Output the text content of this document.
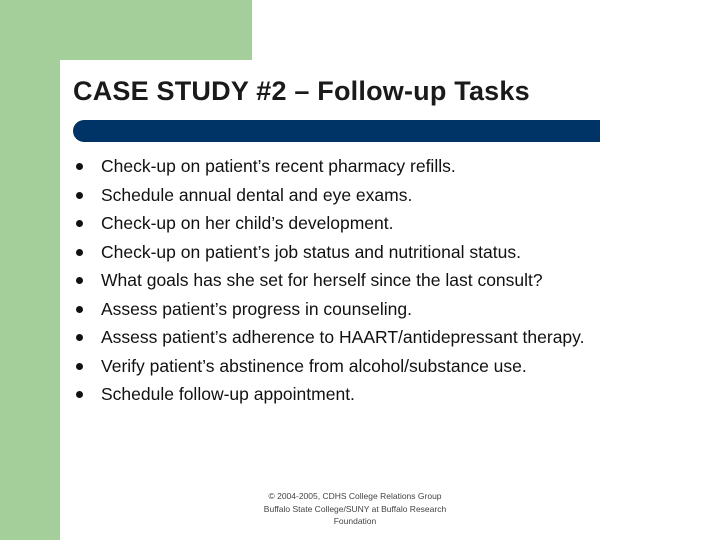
CASE STUDY #2 – Follow-up Tasks
Check-up on patient’s recent pharmacy refills.
Schedule annual dental and eye exams.
Check-up on her child’s development.
Check-up on patient’s job status and nutritional status.
What goals has she set for herself since the last consult?
Assess patient’s progress in counseling.
Assess patient’s adherence to HAART/antidepressant therapy.
Verify patient’s abstinence from alcohol/substance use.
Schedule follow-up appointment.
© 2004-2005, CDHS College Relations Group
Buffalo State College/SUNY at Buffalo Research
Foundation
